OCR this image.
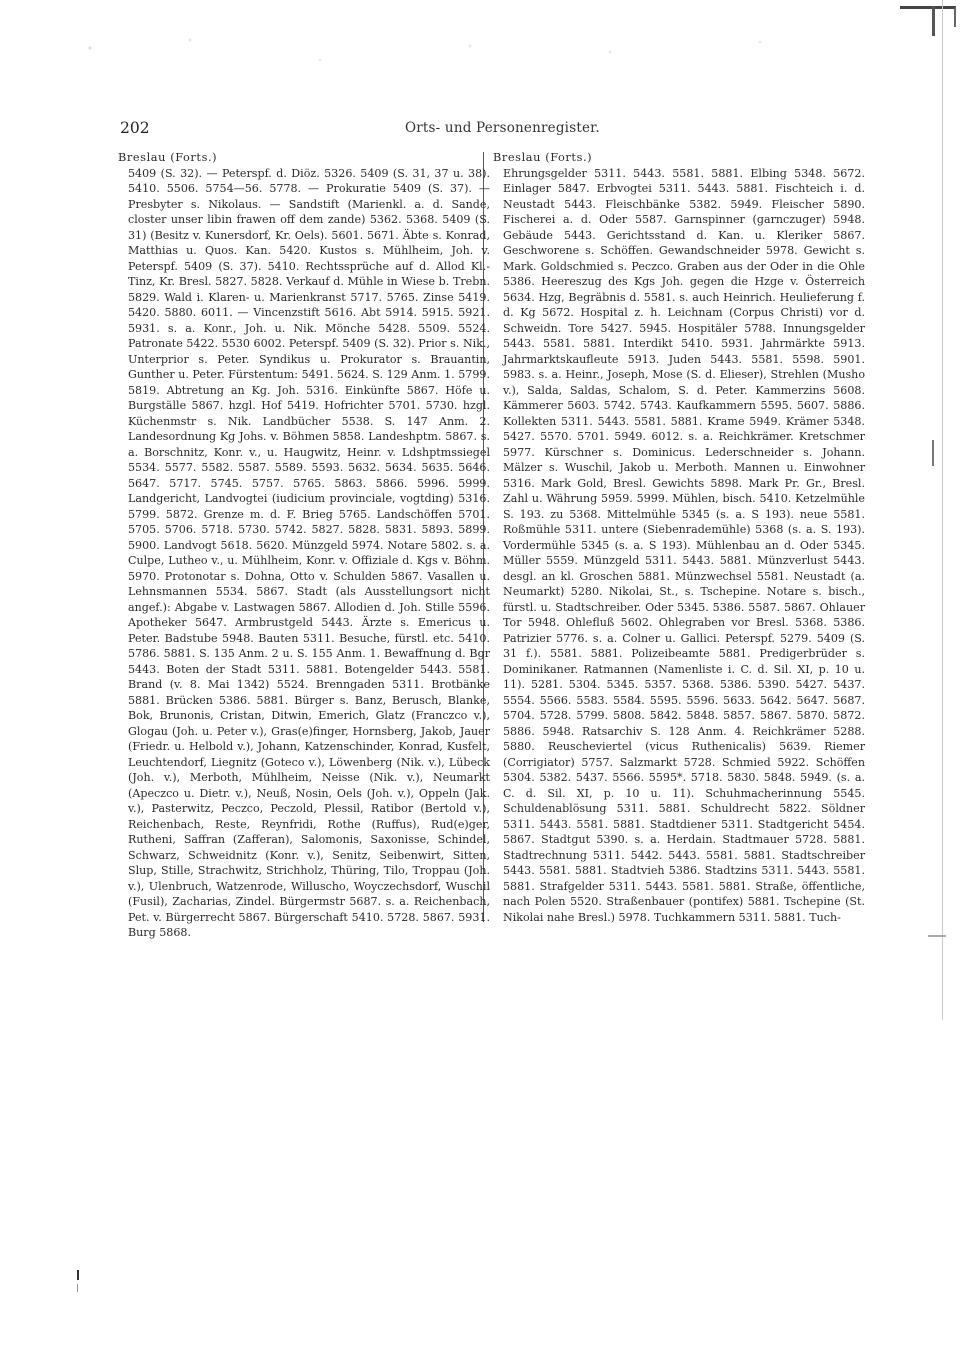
202	Orts- und Personenregister.
Breslau (Forts.)

5409 (S. 32). — Peterspf. d. Diöz. 5326. 5409 (S. 31, 37 u. 38). 5410. 5506. 5754—56. 5778. — Prokuratie 5409 (S. 37). — Presbyter s. Nikolaus. — Sandstift (Marienkl. a. d. Sande, closter unser libin frawen off dem zande) 5362. 5368. 5409 (S. 31) (Besitz v. Kunersdorf, Kr. Oels). 5601. 5671. Äbte s. Konrad, Matthias u. Quos. Kan. 5420. Kustos s. Mühlheim, Joh. v. Peterspf. 5409 (S. 37). 5410. Rechtssprüche auf d. Allod Kl.-Tinz, Kr. Bresl. 5827. 5828. Verkauf d. Mühle in Wiese b. Trebn. 5829. Wald i. Klaren- u. Marienkranst 5717. 5765. Zinse 5419. 5420. 5880. 6011. — Vincenzstift 5616. Abt 5914. 5915. 5921. 5931. s. a. Konr., Joh. u. Nik. Mönche 5428. 5509. 5524. Patronate 5422. 5530 6002. Peterspf. 5409 (S. 32). Prior s. Nik., Unterprior s. Peter. Syndikus u. Prokurator s. Brauantin, Gunther u. Peter. Fürstentum: 5491. 5624. S. 129 Anm. 1. 5799. 5819. Abtretung an Kg. Joh. 5316. Einkünfte 5867. Höfe u. Burgställe 5867. hzgl. Hof 5419. Hofrichter 5701. 5730. hzgl. Küchenmstr s. Nik. Landbücher 5538. S. 147 Anm. 2. Landesordnung Kg Johs. v. Böhmen 5858. Landeshptm. 5867. s. a. Borschnitz, Konr. v., u. Haugwitz, Heinr. v. Ldshptmssiegel 5534. 5577. 5582. 5587. 5589. 5593. 5632. 5634. 5635. 5646. 5647. 5717. 5745. 5757. 5765. 5863. 5866. 5996. 5999. Landgericht, Landvogtei (iudicium provinciale, vogtding) 5316. 5799. 5872. Grenze m. d. F. Brieg 5765. Landschöffen 5701. 5705. 5706. 5718. 5730. 5742. 5827. 5828. 5831. 5893. 5899. 5900. Landvogt 5618. 5620. Münzgeld 5974. Notare 5802. s. a. Culpe, Lutheo v., u. Mühlheim, Konr. v. Offiziale d. Kgs v. Böhm. 5970. Protonotar s. Dohna, Otto v. Schulden 5867. Vasallen u. Lehnsmannen 5534. 5867. Stadt (als Ausstellungsort nicht angef.): Abgabe v. Lastwagen 5867. Allodien d. Joh. Stille 5596. Apotheker 5647. Armbrustgeld 5443. Ärzte s. Emericus u. Peter. Badstube 5948. Bauten 5311. Besuche, fürstl. etc. 5410. 5786. 5881. S. 135 Anm. 2 u. S. 155 Anm. 1. Bewaffnung d. Bgr 5443. Boten der Stadt 5311. 5881. Botengelder 5443. 5581. Brand (v. 8. Mai 1342) 5524. Brenngaden 5311. Brotbänke 5881. Brücken 5386. 5881. Bürger s. Banz, Berusch, Blanke, Bok, Brunonis, Cristan, Ditwin, Emerich, Glatz (Franczco v.), Glogau (Joh. u. Peter v.), Gras(e)finger, Hornsberg, Jakob, Jauer (Friedr. u. Helbold v.), Johann, Katzenschinder, Konrad, Kusfelt, Leuchtendorf, Liegnitz (Goteco v.), Löwenberg (Nik. v.), Lübeck (Joh. v.), Merboth, Mühlheim, Neisse (Nik. v.), Neumarkt (Apeczco u. Dietr. v.), Neuß, Nosin, Oels (Joh. v.), Oppeln (Jak. v.), Pasterwitz, Peczco, Peczold, Plessil, Ratibor (Bertold v.), Reichenbach, Reste, Reynfridi, Rothe (Ruffus), Rud(e)ger, Rutheni, Saffran (Zafferan), Salomonis, Saxonisse, Schindel, Schwarz, Schweidnitz (Konr. v.), Senitz, Seibenwirt, Sitten, Slup, Stille, Strachwitz, Strichholz, Thüring, Tilo, Troppau (Joh. v.), Ulenbruch, Watzenrode, Willuscho, Woyczechsdorf, Wuschil (Fusil), Zacharias, Zindel. Bürgermstr 5687. s. a. Reichenbach, Pet. v. Bürgerrecht 5867. Bürgerschaft 5410. 5728. 5867. 5931. Burg 5868.

Breslau (Forts.)

Ehrungsgelder 5311. 5443. 5581. 5881. Elbing 5348. 5672. Einlager 5847. Erbvogtei 5311. 5443. 5881. Fischteich i. d. Neustadt 5443. Fleischbänke 5382. 5949. Fleischer 5890. Fischerei a. d. Oder 5587. Garnspinner (garnczuger) 5948. Gebäude 5443. Gerichtsstand d. Kan. u. Kleriker 5867. Geschworene s. Schöffen. Gewandschneider 5978. Gewicht s. Mark. Goldschmied s. Peczco. Graben aus der Oder in die Ohle 5386. Heereszug des Kgs Joh. gegen die Hzge v. Österreich 5634. Hzg, Begräbnis d. 5581. s. auch Heinrich. Heulieferung f. d. Kg 5672. Hospital z. h. Leichnam (Corpus Christi) vor d. Schweidn. Tore 5427. 5945. Hospitäler 5788. Innungsgelder 5443. 5581. 5881. Interdikt 5410. 5931. Jahrmärkte 5913. Jahrmarktskaufleute 5913. Juden 5443. 5581. 5598. 5901. 5983. s. a. Heinr., Joseph, Mose (S. d. Elieser), Strehlen (Musho v.), Salda, Saldas, Schalom, S. d. Peter. Kammerzins 5608. Kämmerer 5603. 5742. 5743. Kaufkammern 5595. 5607. 5886. Kollekten 5311. 5443. 5581. 5881. Krame 5949. Krämer 5348. 5427. 5570. 5701. 5949. 6012. s. a. Reichkrämer. Kretschmer 5977. Kürschner s. Dominicus. Lederschneider s. Johann. Mälzer s. Wuschil, Jakob u. Merboth. Mannen u. Einwohner 5316. Mark Gold, Bresl. Gewichts 5898. Mark Pr. Gr., Bresl. Zahl u. Währung 5959. 5999. Mühlen, bisch. 5410. Ketzelmühle S. 193. zu 5368. Mittelmühle 5345 (s. a. S 193). neue 5581. Roßmühle 5311. untere (Siebenrademühle) 5368 (s. a. S. 193). Vordermühle 5345 (s. a. S 193). Mühlenbau an d. Oder 5345. Müller 5559. Münzgeld 5311. 5443. 5881. Münzverlust 5443. desgl. an kl. Groschen 5881. Münzwechsel 5581. Neustadt (a. Neumarkt) 5280. Nikolai, St., s. Tschepine. Notare s. bisch., fürstl. u. Stadtschreiber. Oder 5345. 5386. 5587. 5867. Ohlauer Tor 5948. Ohlefluß 5602. Ohlegraben vor Bresl. 5368. 5386. Patrizier 5776. s. a. Colner u. Gallici. Peterspf. 5279. 5409 (S. 31 f.). 5581. 5881. Polizeibeamte 5881. Predigerbrüder s. Dominikaner. Ratmannen (Namenliste i. C. d. Sil. XI, p. 10 u. 11). 5281. 5304. 5345. 5357. 5368. 5386. 5390. 5427. 5437. 5554. 5566. 5583. 5584. 5595. 5596. 5633. 5642. 5647. 5687. 5704. 5728. 5799. 5808. 5842. 5848. 5857. 5867. 5870. 5872. 5886. 5948. Ratsarchiv S. 128 Anm. 4. Reichkrämer 5288. 5880. Reuscheviertel (vicus Ruthenicalis) 5639. Riemer (Corrigiator) 5757. Salzmarkt 5728. Schmied 5922. Schöffen 5304. 5382. 5437. 5566. 5595*. 5718. 5830. 5848. 5949. (s. a. C. d. Sil. XI, p. 10 u. 11). Schuhmacherinnung 5545. Schuldenablösung 5311. 5881. Schuldrecht 5822. Söldner 5311. 5443. 5581. 5881. Stadtdiener 5311. Stadtgericht 5454. 5867. Stadtgut 5390. s. a. Herdain. Stadtmauer 5728. 5881. Stadtrechnung 5311. 5442. 5443. 5581. 5881. Stadtschreiber 5443. 5581. 5881. Stadtvieh 5386. Stadtzins 5311. 5443. 5581. 5881. Strafgelder 5311. 5443. 5581. 5881. Straße, öffentliche, nach Polen 5520. Straßenbauer (pontifex) 5881. Tschepine (St. Nikolai nahe Bresl.) 5978. Tuchkammern 5311. 5881. Tuch-
